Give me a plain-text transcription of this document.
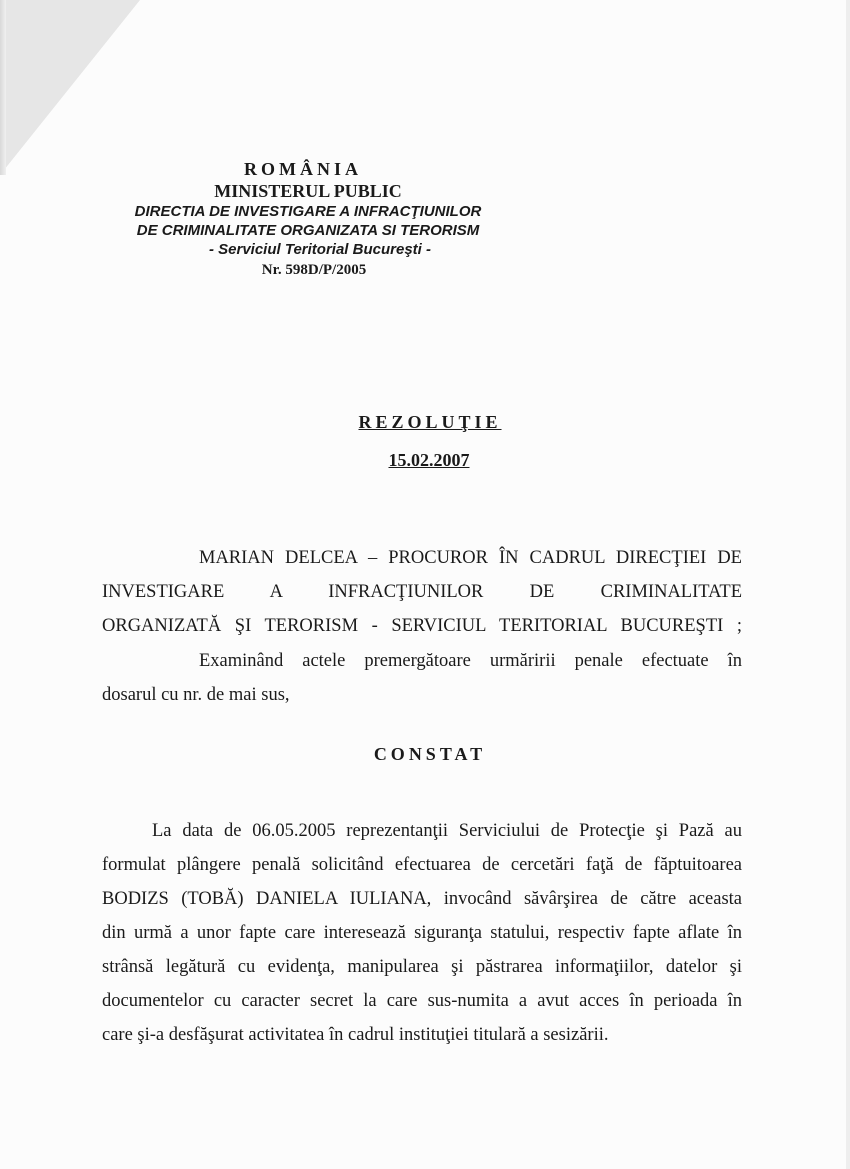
ROMÂNIA
MINISTERUL PUBLIC
DIRECTIA DE INVESTIGARE A INFRACŢIUNILOR
DE CRIMINALITATE ORGANIZATA SI TERORISM
- Serviciul Teritorial Bucureşti -
Nr. 598D/P/2005
REZOLUŢIE
15.02.2007
MARIAN DELCEA – PROCUROR ÎN CADRUL DIRECŢIEI DE
INVESTIGARE A INFRACŢIUNILOR DE CRIMINALITATE
ORGANIZATĂ ŞI TERORISM - SERVICIUL TERITORIAL BUCUREŞTI ;
Examinând actele premergătoare urmăririi penale efectuate în
dosarul cu nr. de mai sus,
CONSTAT
La data de 06.05.2005 reprezentanţii Serviciului de Protecţie şi Pază au
formulat plângere penală solicitând efectuarea de cercetări faţă de făptuitoarea
BODIZS (TOBĂ) DANIELA IULIANA, invocând săvârşirea de către aceasta
din urmă a unor fapte care interesează siguranţa statului, respectiv fapte aflate în
strânsă legătură cu evidenţa, manipularea şi păstrarea informaţiilor, datelor şi
documentelor cu caracter secret la care sus-numita a avut acces în perioada în
care şi-a desfăşurat activitatea în cadrul instituţiei titulară a sesizării.
